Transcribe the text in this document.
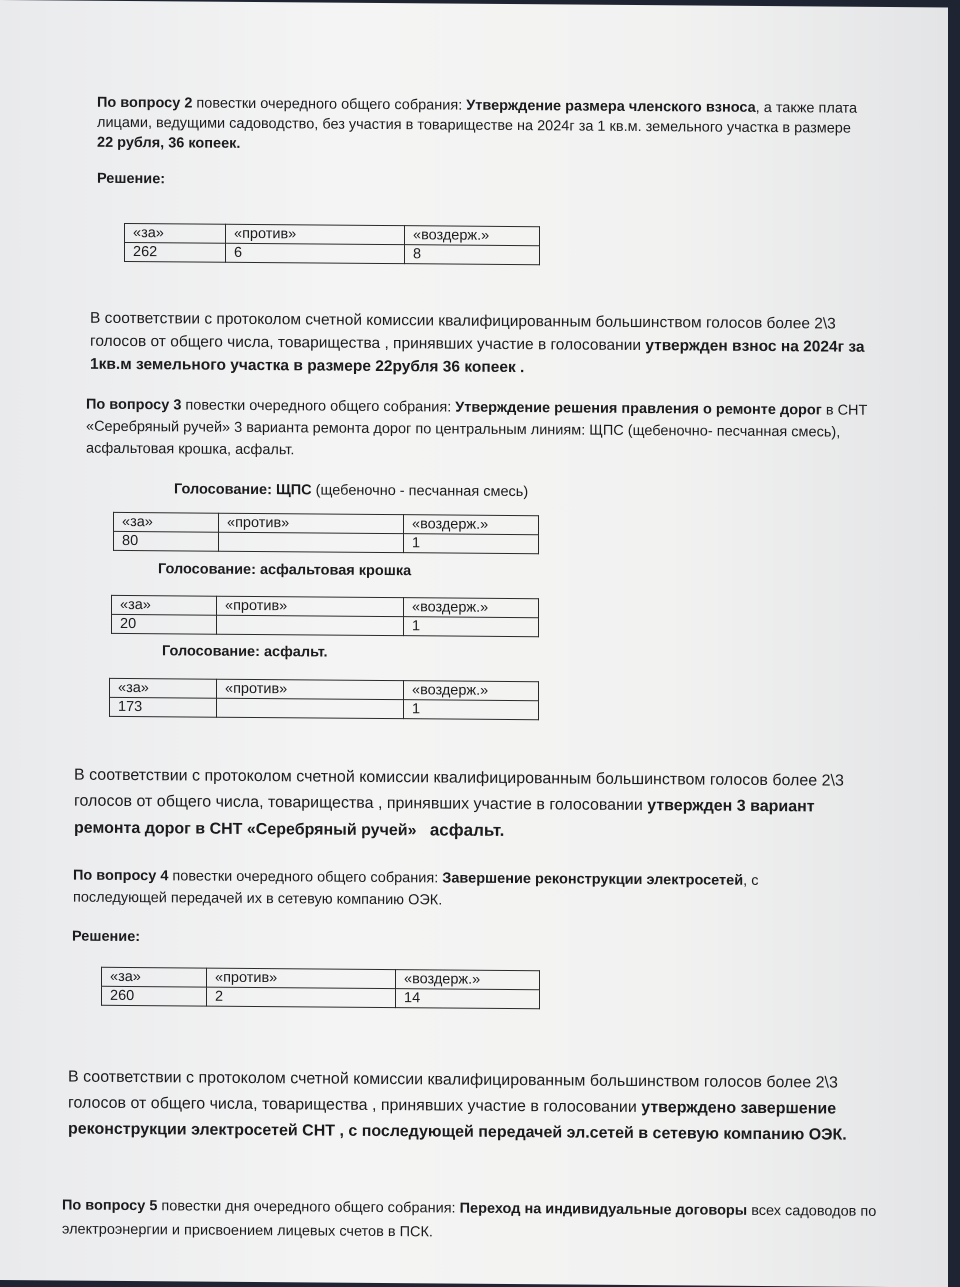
По вопросу 2 повестки очередного общего собрания: Утверждение размера членского взноса, а также плата лицами, ведущими садоводство, без участия в товариществе на 2024г за 1 кв.м. земельного участка в размере 22 рубля, 36 копеек.

Решение:

«за»	«против»	«воздерж.»
262	6	8

В соответствии с протоколом счетной комиссии квалифицированным большинством голосов более 2\3 голосов от общего числа, товарищества , принявших участие в голосовании утвержден взнос на 2024г за 1кв.м земельного участка в размере 22рубля 36 копеек .

По вопросу 3 повестки очередного общего собрания: Утверждение решения правления о ремонте дорог в СНТ «Серебряный ручей» 3 варианта ремонта дорог по центральным линиям: ЩПС (щебеночно- песчанная смесь), асфальтовая крошка, асфальт.

Голосование: ЩПС (щебеночно - песчанная смесь)

«за»	«против»	«воздерж.»
80		1

Голосование: асфальтовая крошка

«за»	«против»	«воздерж.»
20		1

Голосование: асфальт.

«за»	«против»	«воздерж.»
173		1

В соответствии с протоколом счетной комиссии квалифицированным большинством голосов более 2\3 голосов от общего числа, товарищества , принявших участие в голосовании утвержден 3 вариант ремонта дорог в СНТ «Серебряный ручей» асфальт.

По вопросу 4 повестки очередного общего собрания: Завершение реконструкции электросетей, с последующей передачей их в сетевую компанию ОЭК.

Решение:

«за»	«против»	«воздерж.»
260	2	14

В соответствии с протоколом счетной комиссии квалифицированным большинством голосов более 2\3 голосов от общего числа, товарищества , принявших участие в голосовании утверждено завершение реконструкции электросетей СНТ , с последующей передачей эл.сетей в сетевую компанию ОЭК.

По вопросу 5 повестки дня очередного общего собрания: Переход на индивидуальные договоры всех садоводов по электроэнергии и присвоением лицевых счетов в ПСК.
